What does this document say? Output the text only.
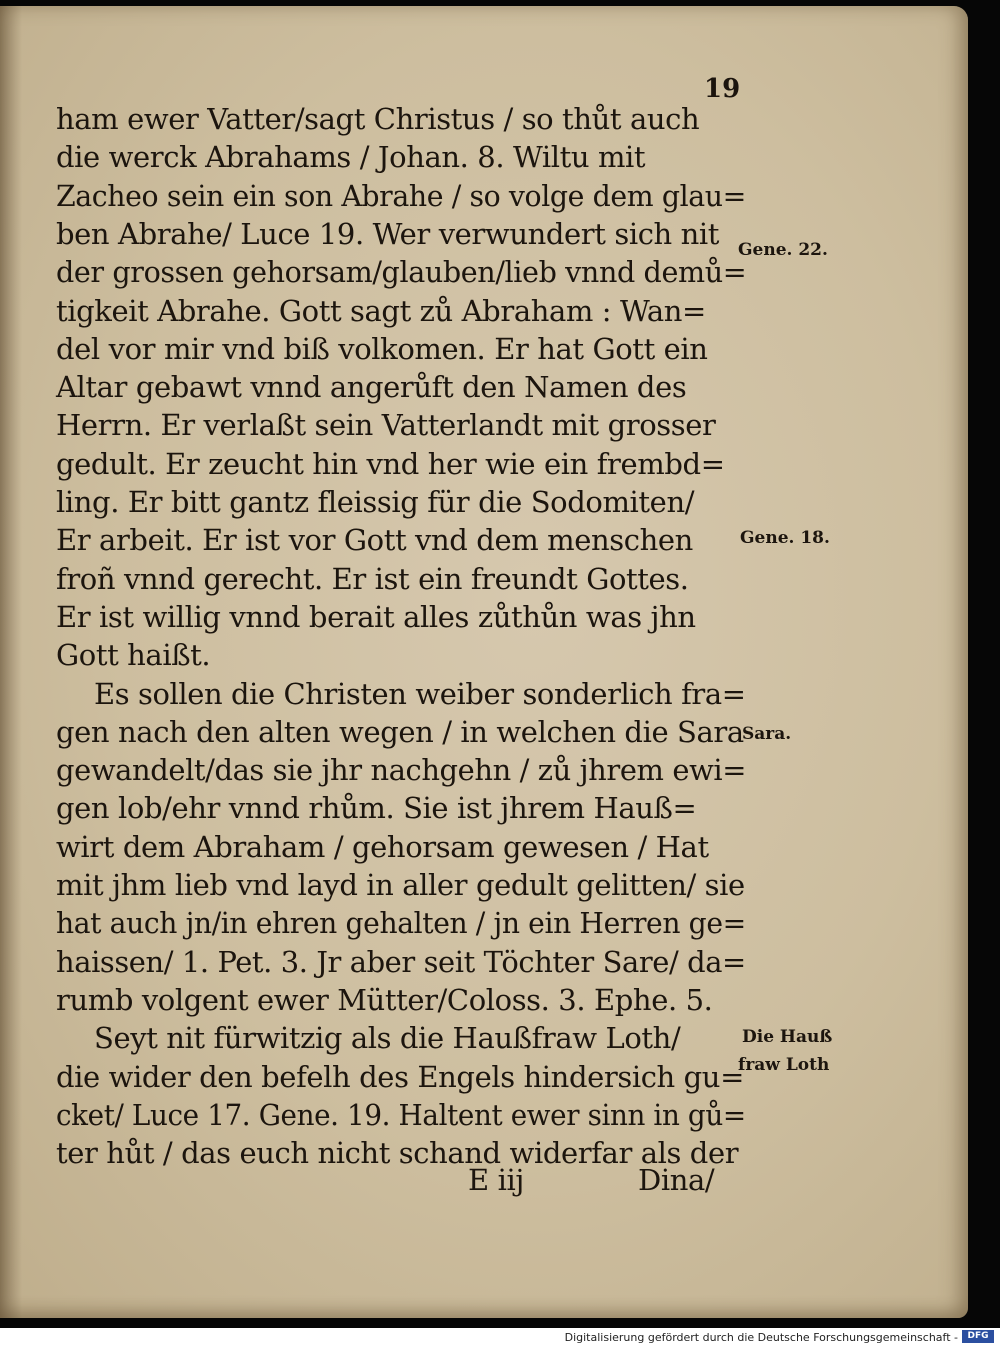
19
ham ewer Vatter/sagt Christus / so thůt auch
die werck Abrahams / Johan. 8. Wiltu mit
Zacheo sein ein son Abrahe / so volge dem glau=
ben Abrahe/ Luce 19. Wer verwundert sich nit
der grossen gehorsam/glauben/lieb vnnd demů=
tigkeit Abrahe. Gott sagt zů Abraham : Wan=
del vor mir vnd biß volkomen. Er hat Gott ein
Altar gebawt vnnd angerůft den Namen des
Herrn. Er verlaßt sein Vatterlandt mit grosser
gedult. Er zeucht hin vnd her wie ein frembd=
ling. Er bitt gantz fleissig für die Sodomiten/
Er arbeit. Er ist vor Gott vnd dem menschen
froñ vnnd gerecht. Er ist ein freundt Gottes.
Er ist willig vnnd berait alles zůthůn was jhn
Gott haißt.
Es sollen die Christen weiber sonderlich fra=
gen nach den alten wegen / in welchen die Sara
gewandelt/das sie jhr nachgehn / zů jhrem ewi=
gen lob/ehr vnnd rhům. Sie ist jhrem Hauß=
wirt dem Abraham / gehorsam gewesen / Hat
mit jhm lieb vnd layd in aller gedult gelitten/ sie
hat auch jn/in ehren gehalten / jn ein Herren ge=
haissen/ 1. Pet. 3. Jr aber seit Töchter Sare/ da=
rumb volgent ewer Mütter/Coloss. 3. Ephe. 5.
Seyt nit fürwitzig als die Haußfraw Loth/
die wider den befelh des Engels hindersich gu=
cket/ Luce 17. Gene. 19. Haltent ewer sinn in gů=
ter hůt / das euch nicht schand widerfar als der
E iij	Dina/
Gene. 22.
Gene. 18.
Sara.
Die Hauß
fraw Loth
Digitalisierung gefördert durch die Deutsche Forschungsgemeinschaft -	DFG
